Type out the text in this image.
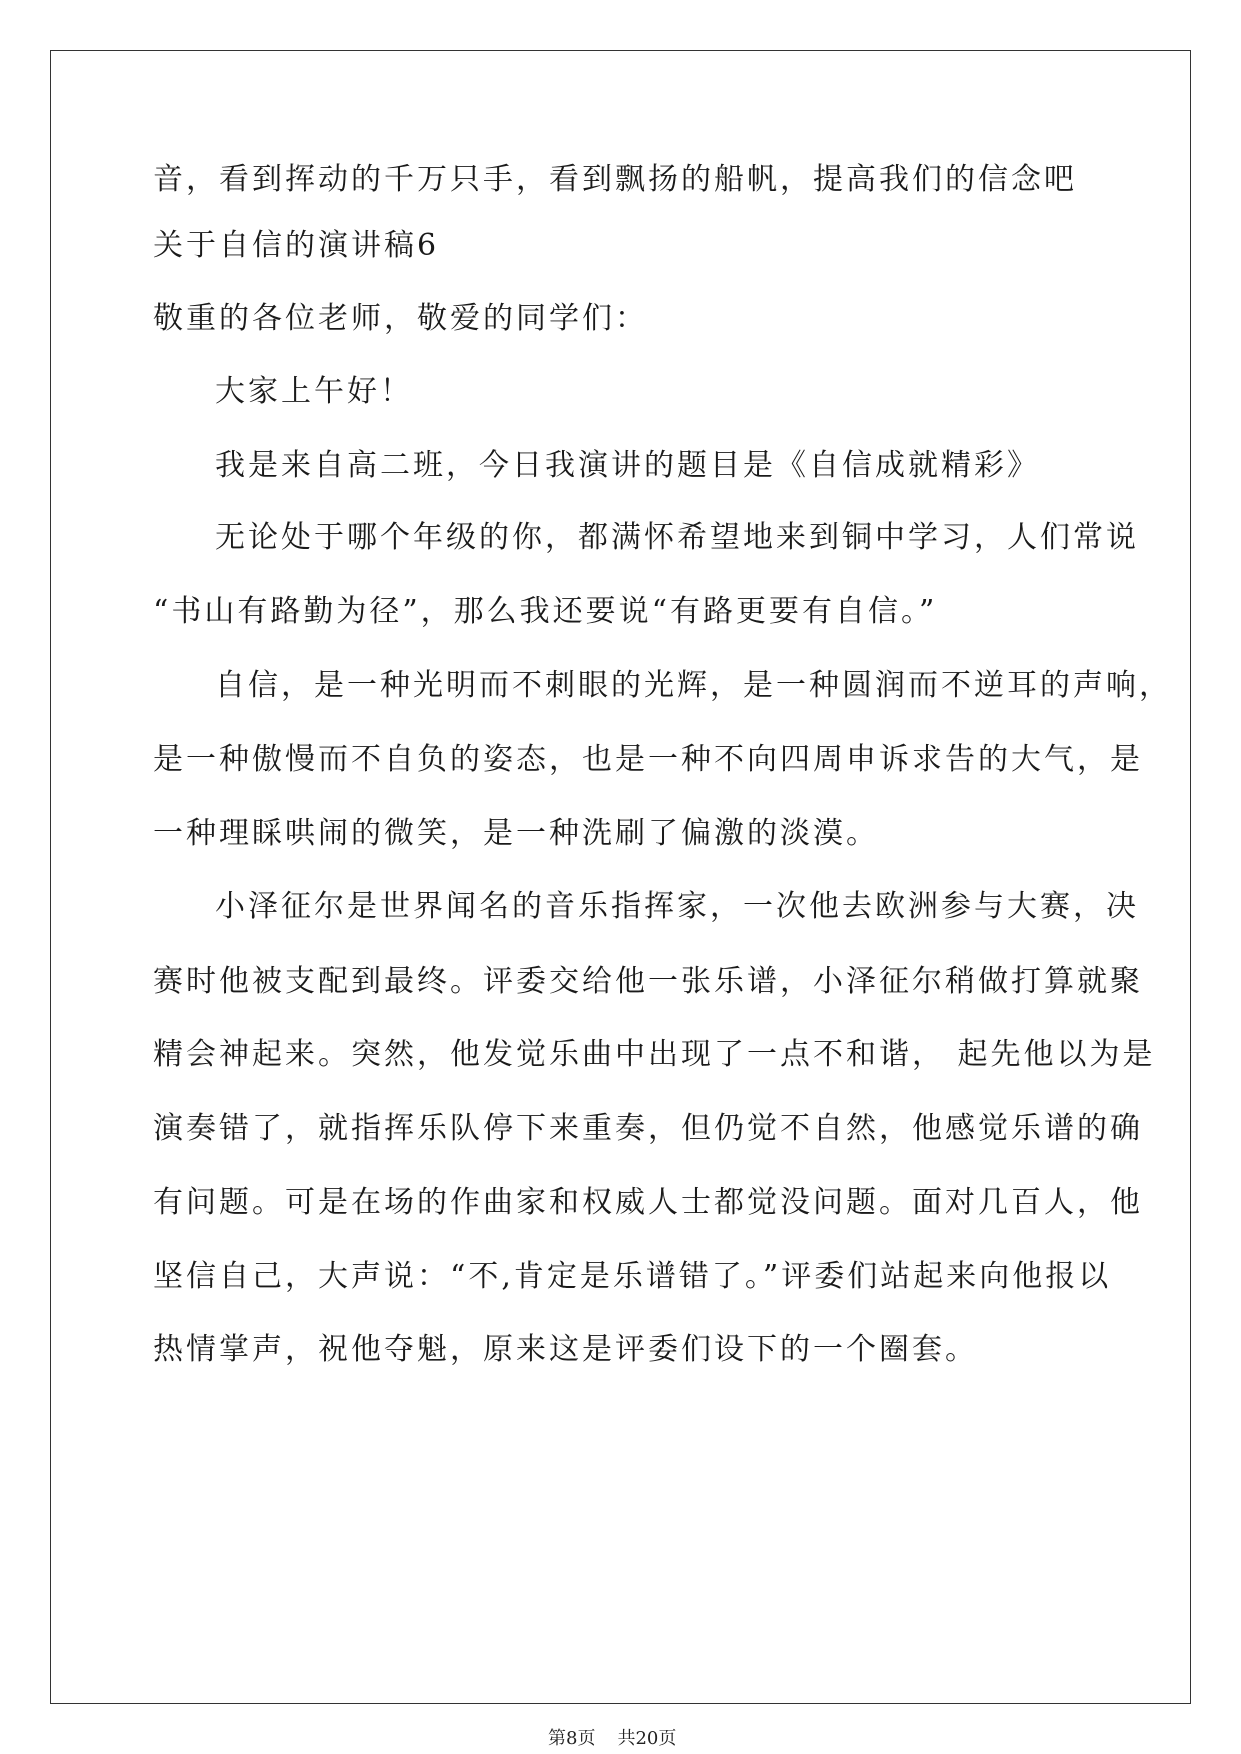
音，看到挥动的千万只手，看到飘扬的船帆，提高我们的信念吧
关于自信的演讲稿6
敬重的各位老师，敬爱的同学们：
大家上午好！
我是来自高二班，今日我演讲的题目是《自信成就精彩》
无论处于哪个年级的你，都满怀希望地来到铜中学习，人们常说
“书山有路勤为径”，那么我还要说“有路更要有自信。”
自信，是一种光明而不刺眼的光辉，是一种圆润而不逆耳的声响，
是一种傲慢而不自负的姿态，也是一种不向四周申诉求告的大气，是
一种理睬哄闹的微笑，是一种洗刷了偏激的淡漠。
小泽征尔是世界闻名的音乐指挥家，一次他去欧洲参与大赛，决
赛时他被支配到最终。评委交给他一张乐谱，小泽征尔稍做打算就聚
精会神起来。突然，他发觉乐曲中出现了一点不和谐， 起先他以为是
演奏错了，就指挥乐队停下来重奏，但仍觉不自然，他感觉乐谱的确
有问题。可是在场的作曲家和权威人士都觉没问题。面对几百人，他
坚信自己，大声说：“不,肯定是乐谱错了。”评委们站起来向他报以
热情掌声，祝他夺魁，原来这是评委们设下的一个圈套。
第8页 共20页
